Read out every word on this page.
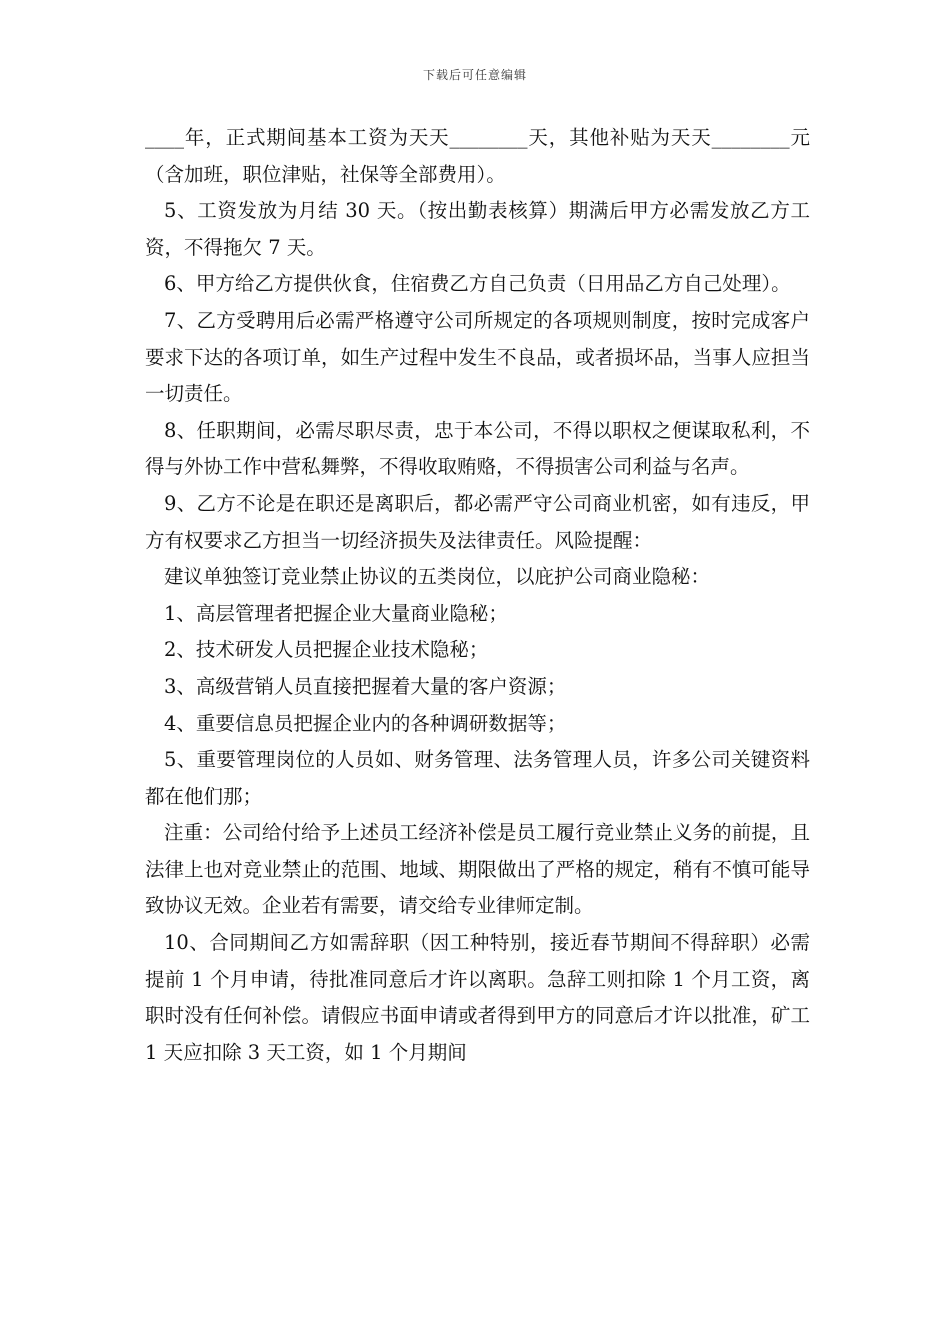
下载后可任意编辑

____年，正式期间基本工资为天天________天，其他补贴为天天________元（含加班，职位津贴，社保等全部费用）。

5、工资发放为月结 30 天。（按出勤表核算）期满后甲方必需发放乙方工资，不得拖欠 7 天。

6、甲方给乙方提供伙食，住宿费乙方自己负责（日用品乙方自己处理）。

7、乙方受聘用后必需严格遵守公司所规定的各项规则制度，按时完成客户要求下达的各项订单，如生产过程中发生不良品，或者损坏品，当事人应担当一切责任。

8、任职期间，必需尽职尽责，忠于本公司，不得以职权之便谋取私利，不得与外协工作中营私舞弊，不得收取贿赂，不得损害公司利益与名声。

9、乙方不论是在职还是离职后，都必需严守公司商业机密，如有违反，甲方有权要求乙方担当一切经济损失及法律责任。风险提醒：

建议单独签订竞业禁止协议的五类岗位，以庇护公司商业隐秘：

1、高层管理者把握企业大量商业隐秘；

2、技术研发人员把握企业技术隐秘；

3、高级营销人员直接把握着大量的客户资源；

4、重要信息员把握企业内的各种调研数据等；

5、重要管理岗位的人员如、财务管理、法务管理人员，许多公司关键资料都在他们那；

注重：公司给付给予上述员工经济补偿是员工履行竞业禁止义务的前提，且法律上也对竞业禁止的范围、地域、期限做出了严格的规定，稍有不慎可能导致协议无效。企业若有需要，请交给专业律师定制。

10、合同期间乙方如需辞职（因工种特别，接近春节期间不得辞职）必需提前 1 个月申请，待批准同意后才许以离职。急辞工则扣除 1 个月工资，离职时没有任何补偿。请假应书面申请或者得到甲方的同意后才许以批准，矿工 1 天应扣除 3 天工资，如 1 个月期间
